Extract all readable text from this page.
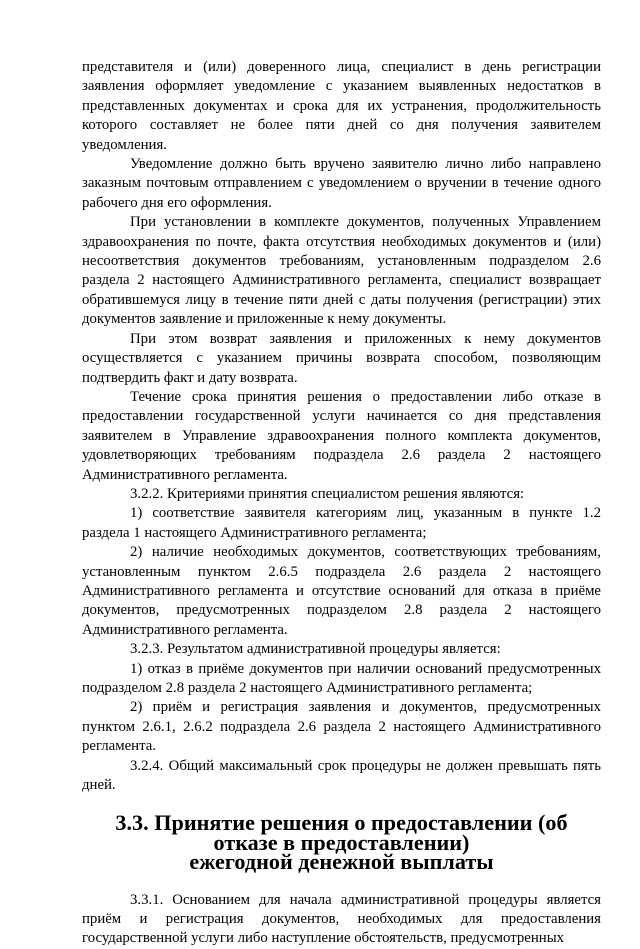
представителя и (или) доверенного лица, специалист в день регистрации заявления оформляет уведомление с указанием выявленных недостатков в представленных документах и срока для их устранения, продолжительность которого составляет не более пяти дней со дня получения заявителем уведомления.

Уведомление должно быть вручено заявителю лично либо направлено заказным почтовым отправлением с уведомлением о вручении в течение одного рабочего дня его оформления.

При установлении в комплекте документов, полученных Управлением здравоохранения по почте, факта отсутствия необходимых документов и (или) несоответствия документов требованиям, установленным подразделом 2.6 раздела 2 настоящего Административного регламента, специалист возвращает обратившемуся лицу в течение пяти дней с даты получения (регистрации) этих документов заявление и приложенные к нему документы.

При этом возврат заявления и приложенных к нему документов осуществляется с указанием причины возврата способом, позволяющим подтвердить факт и дату возврата.

Течение срока принятия решения о предоставлении либо отказе в предоставлении государственной услуги начинается со дня представления заявителем в Управление здравоохранения полного комплекта документов, удовлетворяющих требованиям подраздела 2.6 раздела 2 настоящего Административного регламента.

3.2.2. Критериями принятия специалистом решения являются:

1) соответствие заявителя категориям лиц, указанным в пункте 1.2 раздела 1 настоящего Административного регламента;

2) наличие необходимых документов, соответствующих требованиям, установленным пунктом 2.6.5 подраздела 2.6 раздела 2 настоящего Административного регламента и отсутствие оснований для отказа в приёме документов, предусмотренных подразделом 2.8 раздела 2 настоящего Административного регламента.

3.2.3. Результатом административной процедуры является:

1) отказ в приёме документов при наличии оснований предусмотренных подразделом 2.8 раздела 2 настоящего Административного регламента;

2) приём и регистрация заявления и документов, предусмотренных пунктом 2.6.1, 2.6.2 подраздела 2.6 раздела 2 настоящего Административного регламента.

3.2.4. Общий максимальный срок процедуры не должен превышать пять дней.

3.3. Принятие решения о предоставлении (об отказе в предоставлении)
ежегодной денежной выплаты

3.3.1. Основанием для начала административной процедуры является приём и регистрация документов, необходимых для предоставления государственной услуги либо наступление обстоятельств, предусмотренных
